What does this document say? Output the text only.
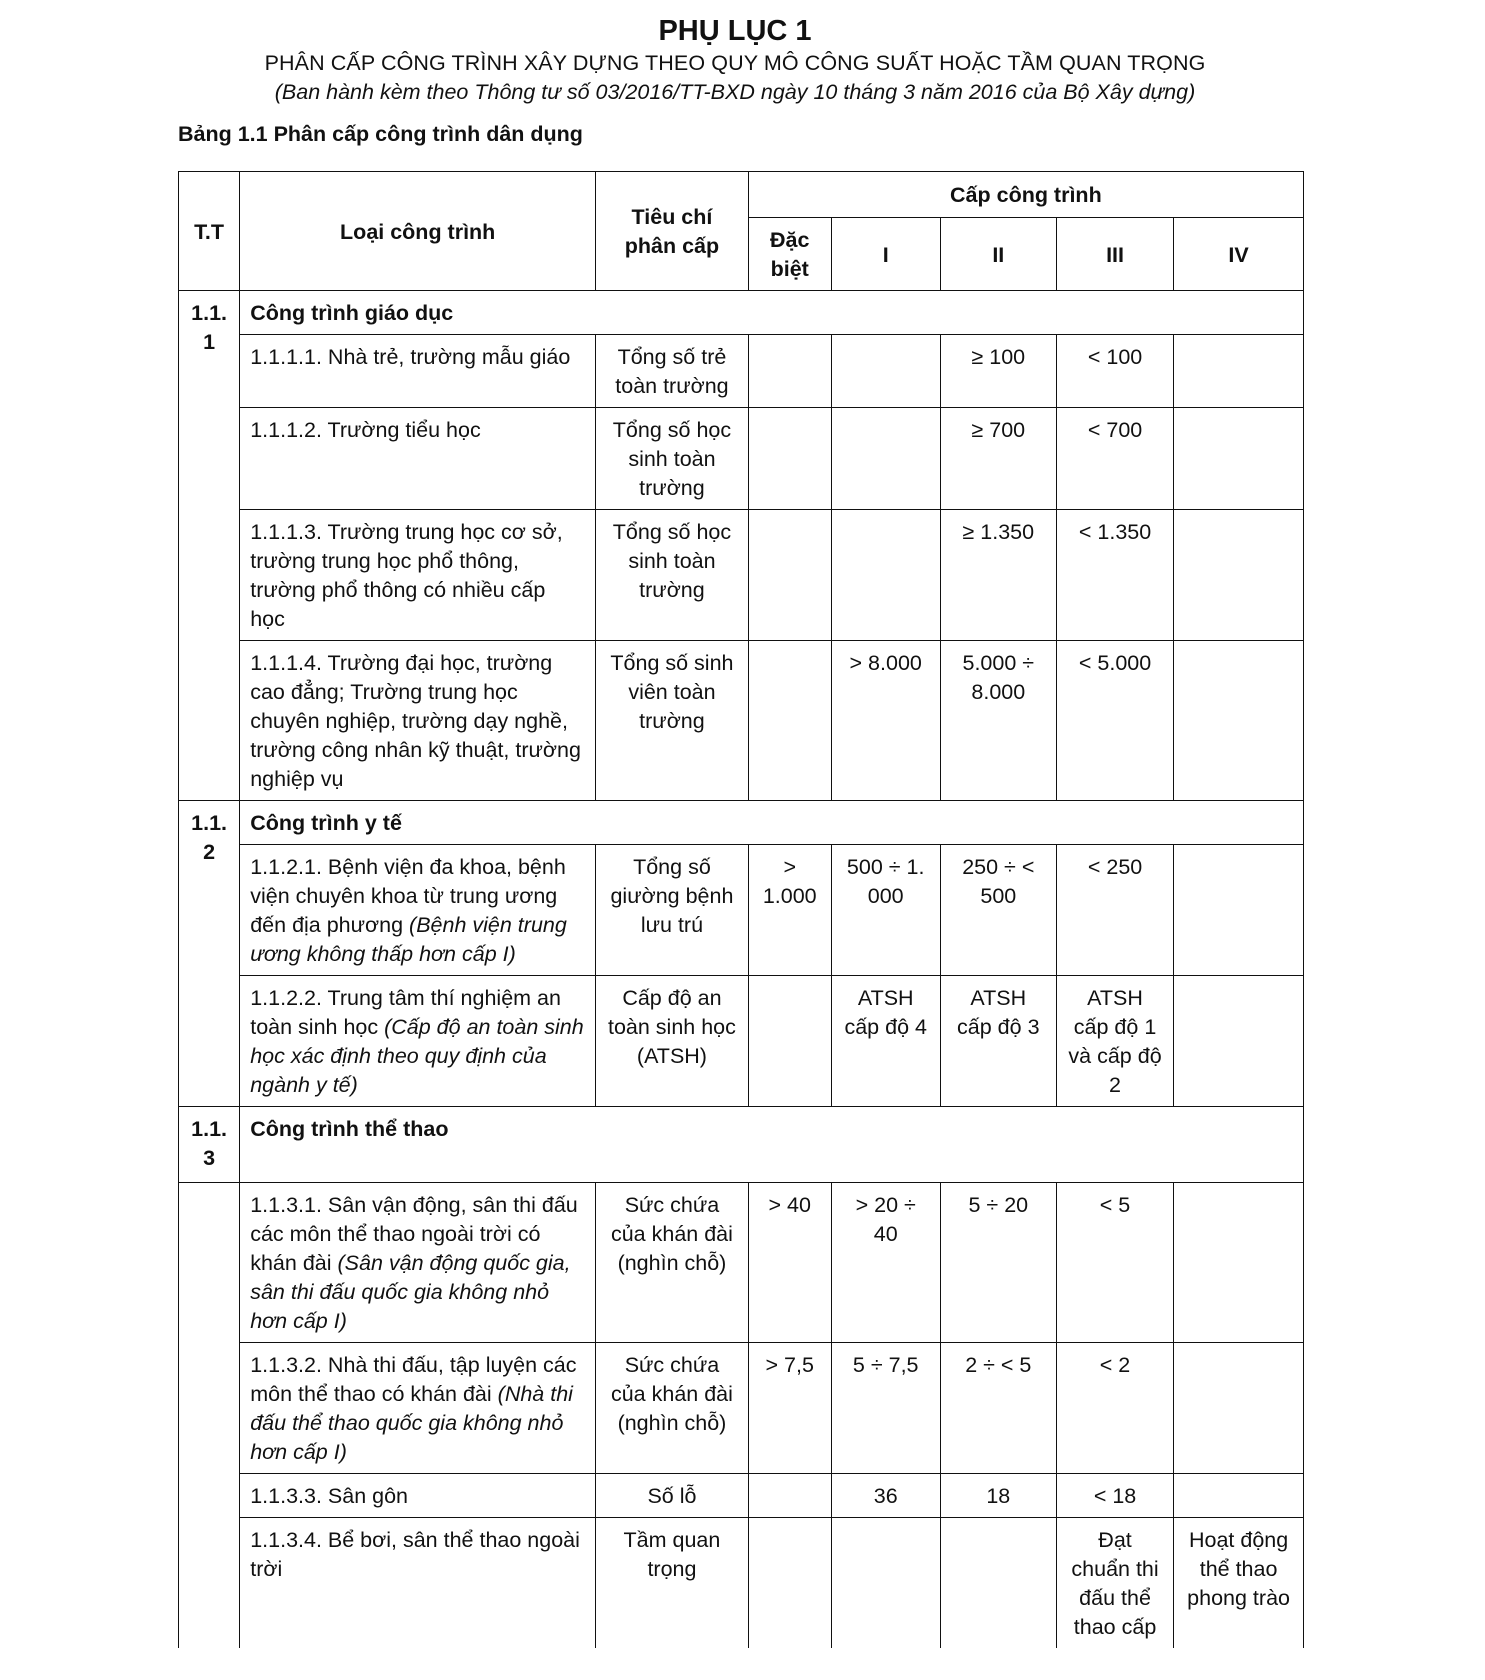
PHỤ LỤC 1
PHÂN CẤP CÔNG TRÌNH XÂY DỰNG THEO QUY MÔ CÔNG SUẤT HOẶC TẦM QUAN TRỌNG
(Ban hành kèm theo Thông tư số 03/2016/TT-BXD ngày 10 tháng 3 năm 2016 của Bộ Xây dựng)
Bảng 1.1 Phân cấp công trình dân dụng
T.T	Loại công trình	Tiêu chí phân cấp	Cấp công trình				
			Đặc biệt	I	II	III	IV
1.1. 1	Công trình giáo dục						
	1.1.1.1. Nhà trẻ, trường mẫu giáo	Tổng số trẻ toàn trường			≥ 100	< 100	
	1.1.1.2. Trường tiểu học	Tổng số học sinh toàn trường			≥ 700	< 700	
	1.1.1.3. Trường trung học cơ sở, trường trung học phổ thông, trường phổ thông có nhiều cấp học	Tổng số học sinh toàn trường			≥ 1.350	< 1.350	
	1.1.1.4. Trường đại học, trường cao đẳng; Trường trung học chuyên nghiệp, trường dạy nghề, trường công nhân kỹ thuật, trường nghiệp vụ	Tổng số sinh viên toàn trường		> 8.000	5.000 ÷ 8.000	< 5.000	
1.1. 2	Công trình y tế						
	1.1.2.1. Bệnh viện đa khoa, bệnh viện chuyên khoa từ trung ương đến địa phương (Bệnh viện trung ương không thấp hơn cấp I)	Tổng số giường bệnh lưu trú	> 1.000	500 ÷ 1. 000	250 ÷ < 500	< 250	
	1.1.2.2. Trung tâm thí nghiệm an toàn sinh học (Cấp độ an toàn sinh học xác định theo quy định của ngành y tế)	Cấp độ an toàn sinh học (ATSH)		ATSH cấp độ 4	ATSH cấp độ 3	ATSH cấp độ 1 và cấp độ 2	
1.1. 3	Công trình thể thao						
	1.1.3.1. Sân vận động, sân thi đấu các môn thể thao ngoài trời có khán đài (Sân vận động quốc gia, sân thi đấu quốc gia không nhỏ hơn cấp I)	Sức chứa của khán đài (nghìn chỗ)	> 40	> 20 ÷ 40	5 ÷ 20	< 5	
	1.1.3.2. Nhà thi đấu, tập luyện các môn thể thao có khán đài (Nhà thi đấu thể thao quốc gia không nhỏ hơn cấp I)	Sức chứa của khán đài (nghìn chỗ)	> 7,5	5 ÷ 7,5	2 ÷ < 5	< 2	
	1.1.3.3. Sân gôn	Số lỗ		36	18	< 18	
	1.1.3.4. Bể bơi, sân thể thao ngoài trời	Tầm quan trọng				Đạt chuẩn thi đấu thể thao cấp	Hoạt động thể thao phong trào
